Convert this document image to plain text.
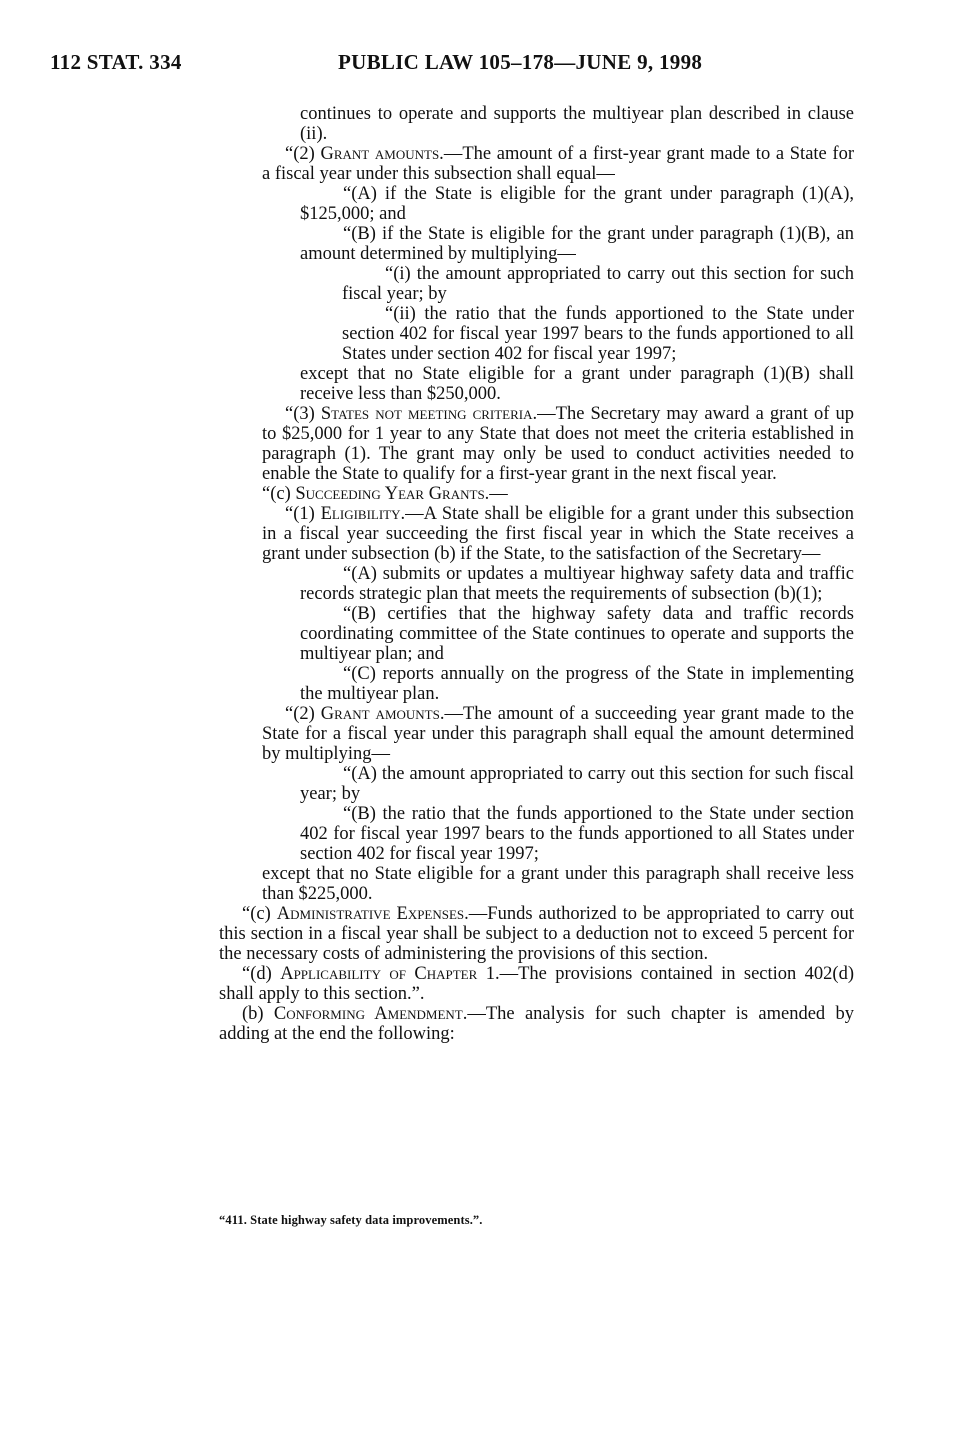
112 STAT. 334	PUBLIC LAW 105–178—JUNE 9, 1998

continues to operate and supports the multiyear plan described in clause (ii).

“(2) Grant amounts.—The amount of a first-year grant made to a State for a fiscal year under this subsection shall equal—

“(A) if the State is eligible for the grant under paragraph (1)(A), $125,000; and

“(B) if the State is eligible for the grant under paragraph (1)(B), an amount determined by multiplying—

“(i) the amount appropriated to carry out this section for such fiscal year; by

“(ii) the ratio that the funds apportioned to the State under section 402 for fiscal year 1997 bears to the funds apportioned to all States under section 402 for fiscal year 1997;

except that no State eligible for a grant under paragraph (1)(B) shall receive less than $250,000.

“(3) States not meeting criteria.—The Secretary may award a grant of up to $25,000 for 1 year to any State that does not meet the criteria established in paragraph (1). The grant may only be used to conduct activities needed to enable the State to qualify for a first-year grant in the next fiscal year.

“(c) Succeeding Year Grants.—

“(1) Eligibility.—A State shall be eligible for a grant under this subsection in a fiscal year succeeding the first fiscal year in which the State receives a grant under subsection (b) if the State, to the satisfaction of the Secretary—

“(A) submits or updates a multiyear highway safety data and traffic records strategic plan that meets the requirements of subsection (b)(1);

“(B) certifies that the highway safety data and traffic records coordinating committee of the State continues to operate and supports the multiyear plan; and

“(C) reports annually on the progress of the State in implementing the multiyear plan.

“(2) Grant amounts.—The amount of a succeeding year grant made to the State for a fiscal year under this paragraph shall equal the amount determined by multiplying—

“(A) the amount appropriated to carry out this section for such fiscal year; by

“(B) the ratio that the funds apportioned to the State under section 402 for fiscal year 1997 bears to the funds apportioned to all States under section 402 for fiscal year 1997;

except that no State eligible for a grant under this paragraph shall receive less than $225,000.

“(c) Administrative Expenses.—Funds authorized to be appropriated to carry out this section in a fiscal year shall be subject to a deduction not to exceed 5 percent for the necessary costs of administering the provisions of this section.

“(d) Applicability of Chapter 1.—The provisions contained in section 402(d) shall apply to this section.”.

(b) Conforming Amendment.—The analysis for such chapter is amended by adding at the end the following:

“411. State highway safety data improvements.”.
